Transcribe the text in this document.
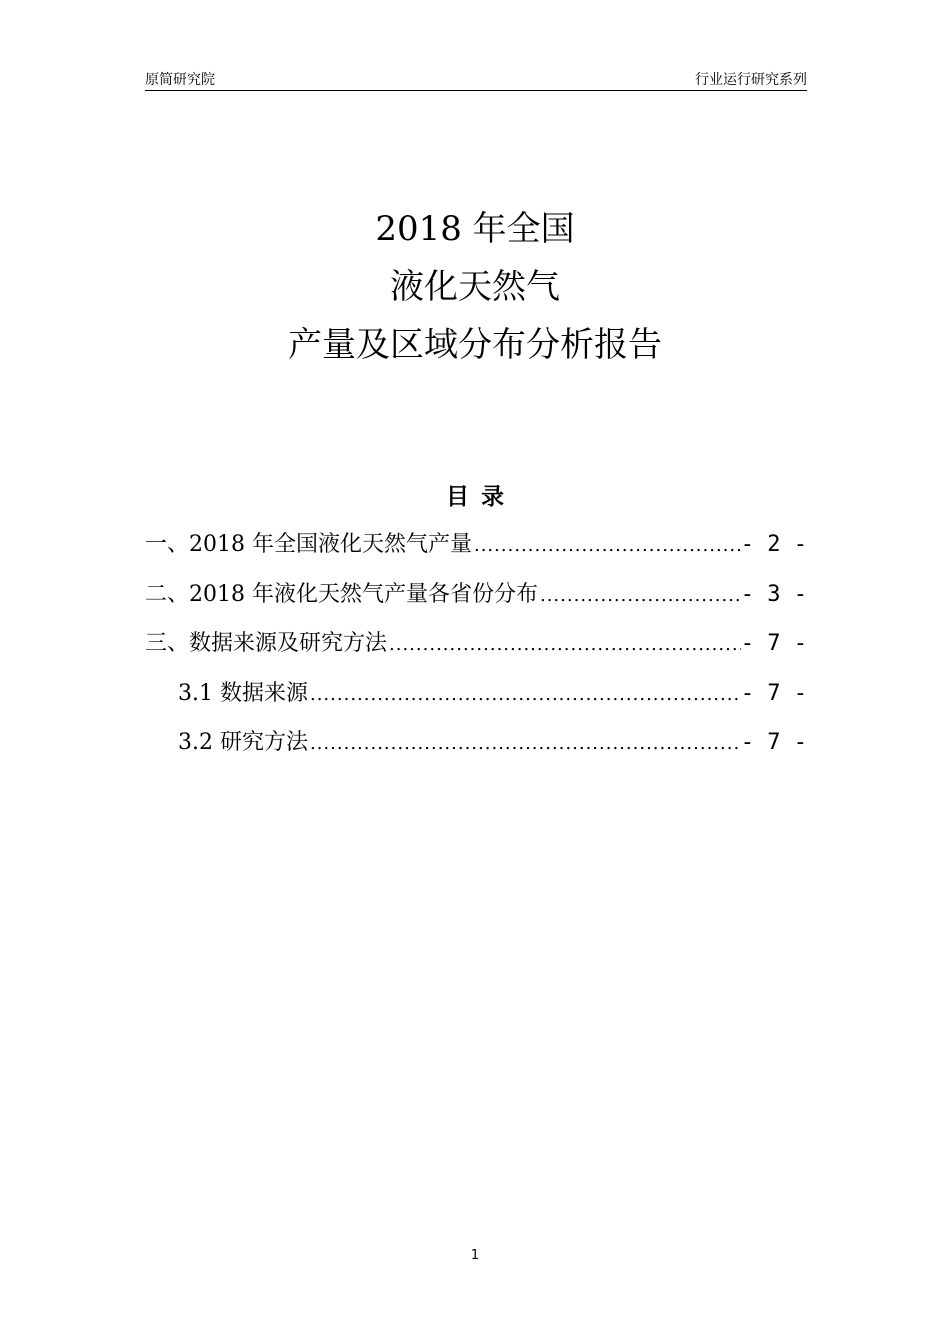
原简研究院	行业运行研究系列
2018 年全国
液化天然气
产量及区域分布分析报告
目录
一、2018 年全国液化天然气产量 .....	- 2 -
二、2018 年液化天然气产量各省份分布 .....	- 3 -
三、数据来源及研究方法 .....	- 7 -
3.1 数据来源 .....	- 7 -
3.2 研究方法 .....	- 7 -
1
